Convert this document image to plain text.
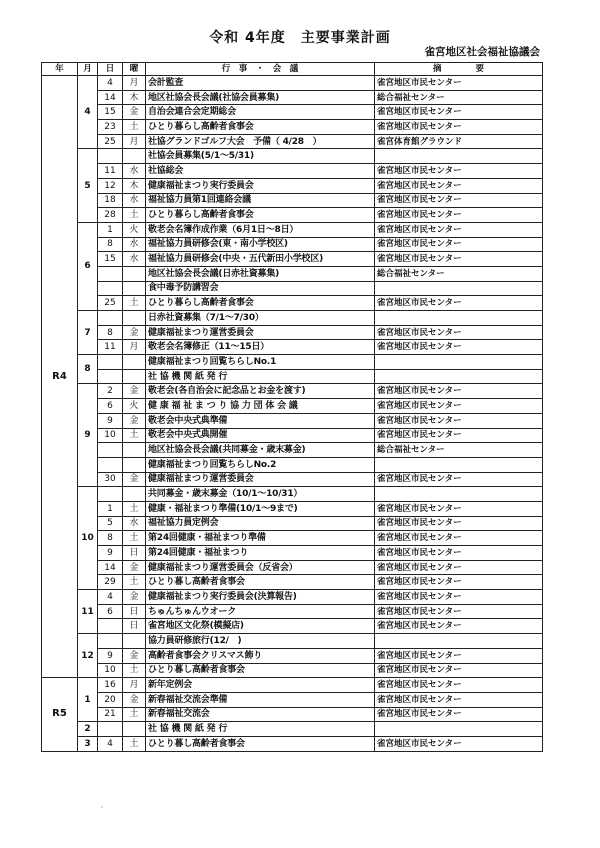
令和 4年度　主要事業計画
雀宮地区社会福祉協議会
年	月	日	曜	行　事　・　会　議	摘　　　　要
R4	4	4	月	会計監査	雀宮地区市民センター
		14	木	地区社協会長会議(社協会員募集)	総合福祉センター
		15	金	自治会連合会定期総会	雀宮地区市民センター
		23	土	ひとり暮らし高齢者食事会	雀宮地区市民センター
		25	月	社協グランドゴルフ大会　予備（ 4/28　）	雀宮体育館グラウンド
	5			社協会員募集(5/1～5/31)	
		11	水	社協総会	雀宮地区市民センター
		12	木	健康福祉まつり実行委員会	雀宮地区市民センター
		18	水	福祉協力員第1回連絡会議	雀宮地区市民センター
		28	土	ひとり暮らし高齢者食事会	雀宮地区市民センター
	6	1	火	敬老会名簿作成作業（6月1日～8日）	雀宮地区市民センター
		8	水	福祉協力員研修会(東・南小学校区)	雀宮地区市民センター
		15	水	福祉協力員研修会(中央・五代新田小学校区)	雀宮地区市民センター
				地区社協会長会議(日赤社資募集)	総合福祉センター
				食中毒予防講習会	
		25	土	ひとり暮らし高齢者食事会	雀宮地区市民センター
	7			日赤社資募集（7/1～7/30）	
		8	金	健康福祉まつり運営委員会	雀宮地区市民センター
		11	月	敬老会名簿修正（11～15日）	雀宮地区市民センター
	8			健康福祉まつり回覧ちらしNo.1	
				社 協 機 関 紙 発 行	
	9	2	金	敬老会(各自治会に記念品とお金を渡す)	雀宮地区市民センター
		6	火	健 康 福 祉 ま つ り 協 力 団 体 会 議	雀宮地区市民センター
		9	金	敬老会中央式典準備	雀宮地区市民センター
		10	土	敬老会中央式典開催	雀宮地区市民センター
				地区社協会長会議(共同募金・歳末募金)	総合福祉センター
				健康福祉まつり回覧ちらしNo.2	
		30	金	健康福祉まつり運営委員会	雀宮地区市民センター
	10			共同募金・歳末募金（10/1～10/31）	
		1	土	健康・福祉まつり準備(10/1～9まで)	雀宮地区市民センター
		5	水	福祉協力員定例会	雀宮地区市民センター
		8	土	第24回健康・福祉まつり準備	雀宮地区市民センター
		9	日	第24回健康・福祉まつり	雀宮地区市民センター
		14	金	健康福祉まつり運営委員会（反省会）	雀宮地区市民センター
		29	土	ひとり暮し高齢者食事会	雀宮地区市民センター
	11	4	金	健康福祉まつり実行委員会(決算報告)	雀宮地区市民センター
		6	日	ちゅんちゅんウオーク	雀宮地区市民センター
			日	雀宮地区文化祭(模擬店)	雀宮地区市民センター
	12			協力員研修旅行(12/　)	
		9	金	高齢者食事会クリスマス飾り	雀宮地区市民センター
		10	土	ひとり暮し高齢者食事会	雀宮地区市民センター
R5	1	16	月	新年定例会	雀宮地区市民センター
		20	金	新春福祉交流会準備	雀宮地区市民センター
		21	土	新春福祉交流会	雀宮地区市民センター
	2			社 協 機 関 紙 発 行	
	3	4	土	ひとり暮し高齢者食事会	雀宮地区市民センター
¸
